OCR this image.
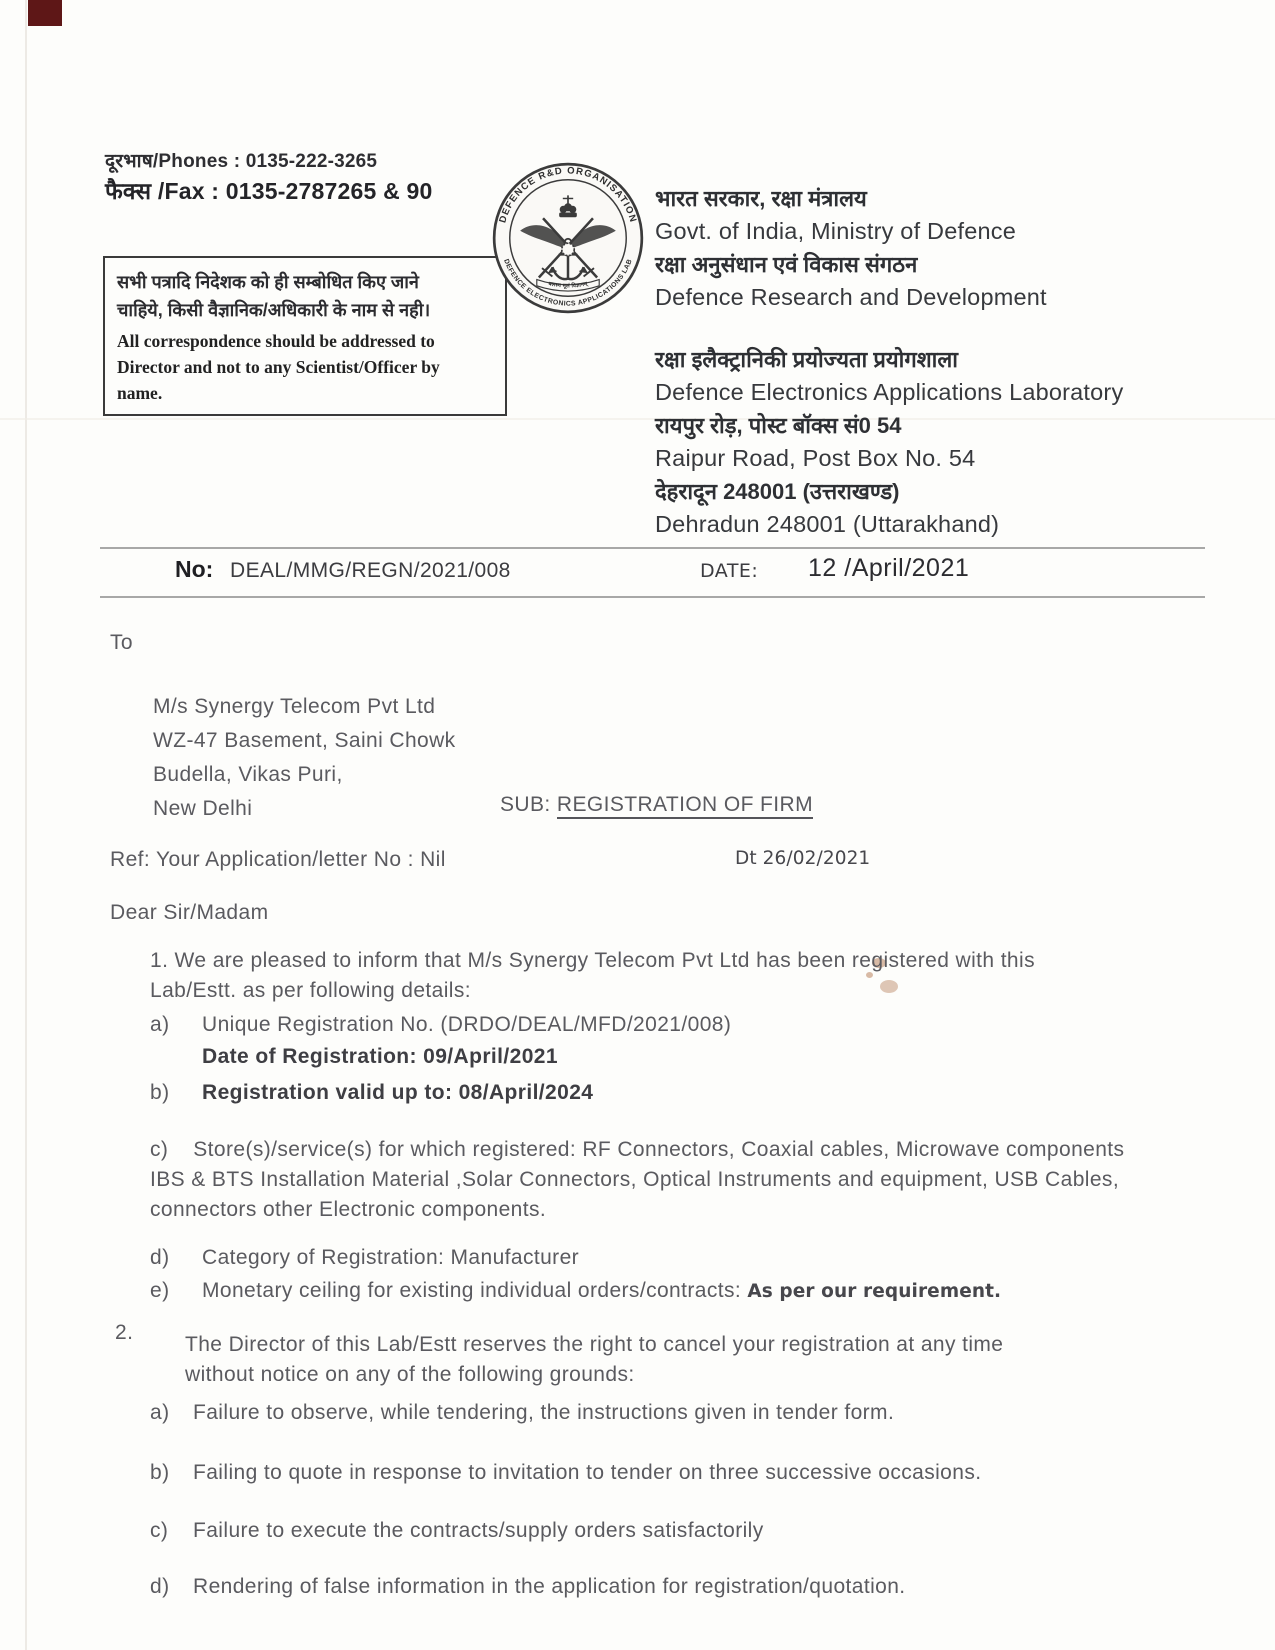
दूरभाष/Phones : 0135-222-3265
फैक्स /Fax : 0135-2787265 & 90
सभी पत्रादि निदेशक को ही सम्बोधित किए जाने
चाहिये, किसी वैज्ञानिक/अधिकारी के नाम से नही।
All correspondence should be addressed to Director and not to any Scientist/Officer by name.
DEFENCE R&D ORGANISATION
DEFENCE ELECTRONICS APPLICATIONS LAB
बलस्य मूलं विज्ञानम्
भारत सरकार, रक्षा मंत्रालय
Govt. of India, Ministry of Defence
रक्षा अनुसंधान एवं विकास संगठन
Defence Research and Development
रक्षा इलैक्ट्रानिकी प्रयोज्यता प्रयोगशाला
Defence Electronics Applications Laboratory
रायपुर रोड़, पोस्ट बॉक्स सं0 54
Raipur Road, Post Box No. 54
देहरादून 248001 (उत्तराखण्ड)
Dehradun 248001 (Uttarakhand)
No: DEAL/MMG/REGN/2021/008	DATE: 12 /April/2021
To
M/s Synergy Telecom Pvt Ltd
WZ-47 Basement, Saini Chowk
Budella, Vikas Puri,
New Delhi	SUB: REGISTRATION OF FIRM
Ref: Your Application/letter No : Nil	Dt 26/02/2021
Dear Sir/Madam
1. We are pleased to inform that M/s Synergy Telecom Pvt Ltd has been registered with this Lab/Estt. as per following details:
a) Unique Registration No. (DRDO/DEAL/MFD/2021/008)
Date of Registration: 09/April/2021
b) Registration valid up to: 08/April/2024
c) Store(s)/service(s) for which registered: RF Connectors, Coaxial cables, Microwave components IBS & BTS Installation Material ,Solar Connectors, Optical Instruments and equipment, USB Cables, connectors other Electronic components.
d) Category of Registration: Manufacturer
e) Monetary ceiling for existing individual orders/contracts: As per our requirement.
2.
The Director of this Lab/Estt reserves the right to cancel your registration at any time without notice on any of the following grounds:
a) Failure to observe, while tendering, the instructions given in tender form.
b) Failing to quote in response to invitation to tender on three successive occasions.
c) Failure to execute the contracts/supply orders satisfactorily
d) Rendering of false information in the application for registration/quotation.
